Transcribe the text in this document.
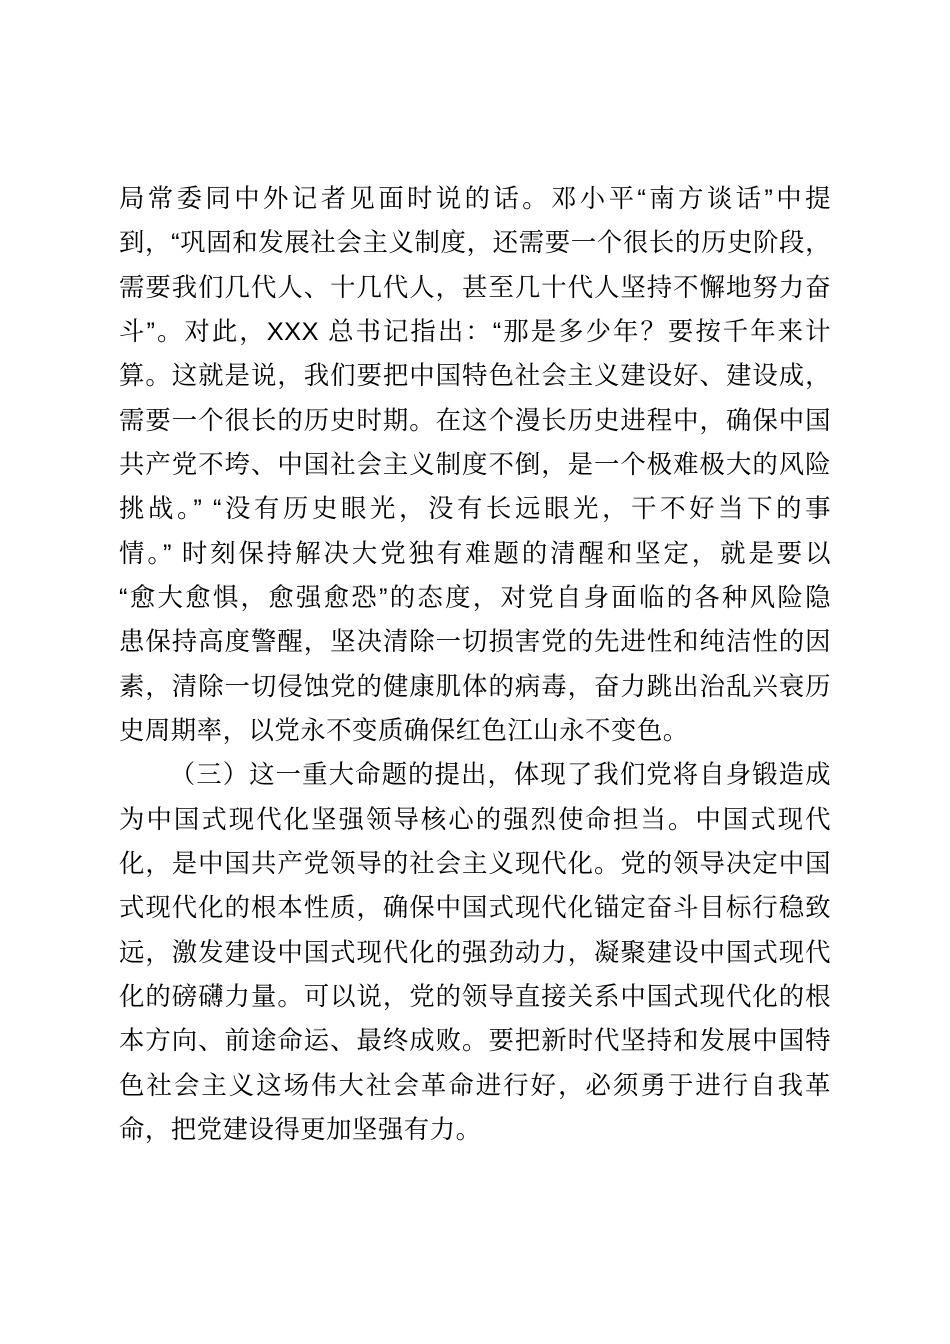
局常委同中外记者见面时说的话。邓小平“南方谈话”中提
到，“巩固和发展社会主义制度，还需要一个很长的历史阶段，
需要我们几代人、十几代人，甚至几十代人坚持不懈地努力奋
斗”。对此，XXX 总书记指出：“那是多少年？要按千年来计
算。这就是说，我们要把中国特色社会主义建设好、建设成，
需要一个很长的历史时期。在这个漫长历史进程中，确保中国
共产党不垮、中国社会主义制度不倒，是一个极难极大的风险
挑战。” “没有历史眼光，没有长远眼光，干不好当下的事
情。” 时刻保持解决大党独有难题的清醒和坚定，就是要以
“愈大愈惧，愈强愈恐”的态度，对党自身面临的各种风险隐
患保持高度警醒，坚决清除一切损害党的先进性和纯洁性的因
素，清除一切侵蚀党的健康肌体的病毒，奋力跳出治乱兴衰历
史周期率，以党永不变质确保红色江山永不变色。
（三）这一重大命题的提出，体现了我们党将自身锻造成
为中国式现代化坚强领导核心的强烈使命担当。中国式现代
化，是中国共产党领导的社会主义现代化。党的领导决定中国
式现代化的根本性质，确保中国式现代化锚定奋斗目标行稳致
远，激发建设中国式现代化的强劲动力，凝聚建设中国式现代
化的磅礴力量。可以说，党的领导直接关系中国式现代化的根
本方向、前途命运、最终成败。要把新时代坚持和发展中国特
色社会主义这场伟大社会革命进行好，必须勇于进行自我革
命，把党建设得更加坚强有力。
